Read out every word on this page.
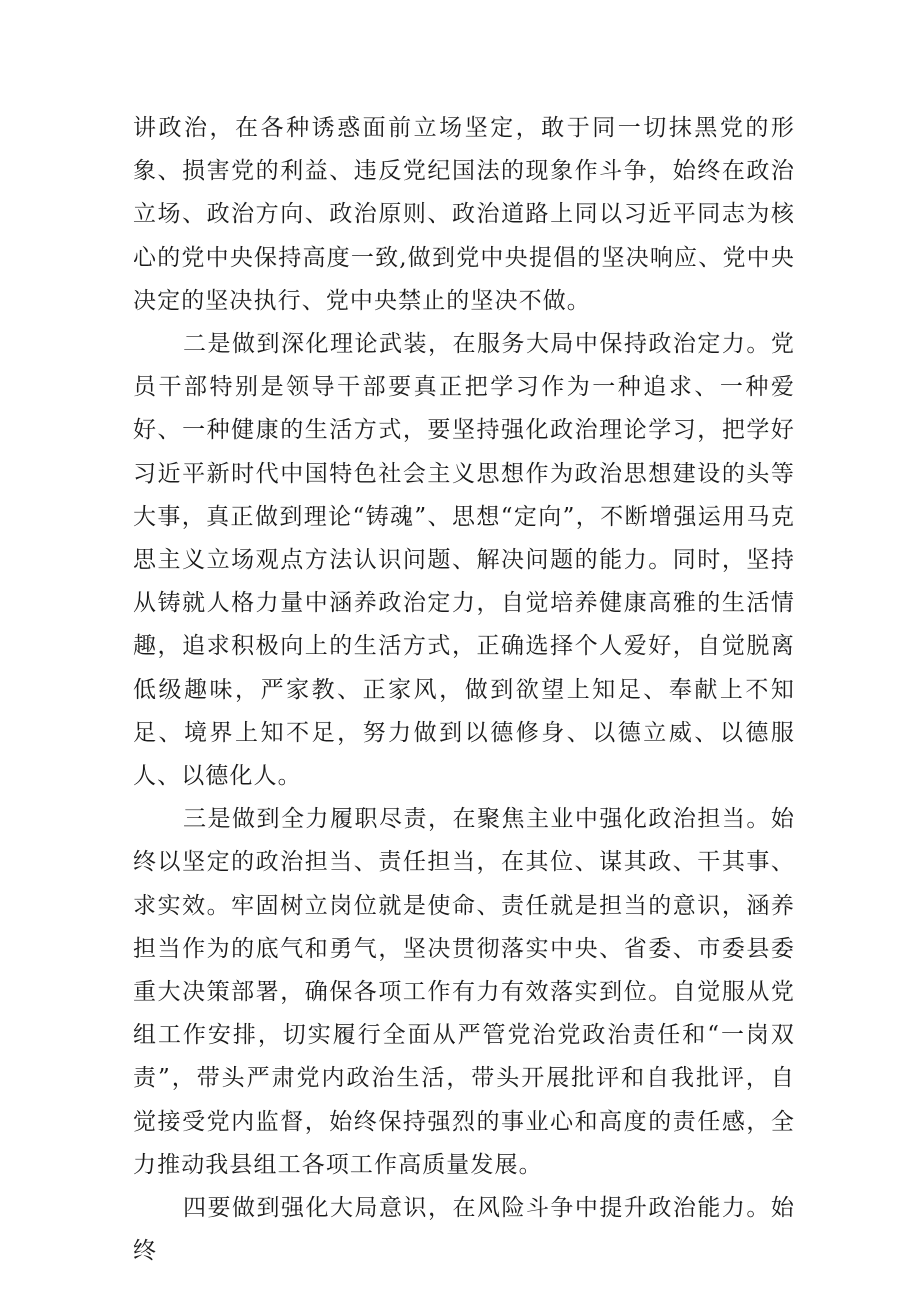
讲政治，在各种诱惑面前立场坚定，敢于同一切抹黑党的形象、损害党的利益、违反党纪国法的现象作斗争，始终在政治立场、政治方向、政治原则、政治道路上同以习近平同志为核心的党中央保持高度一致,做到党中央提倡的坚决响应、党中央决定的坚决执行、党中央禁止的坚决不做。

二是做到深化理论武装，在服务大局中保持政治定力。党员干部特别是领导干部要真正把学习作为一种追求、一种爱好、一种健康的生活方式，要坚持强化政治理论学习，把学好习近平新时代中国特色社会主义思想作为政治思想建设的头等大事，真正做到理论“铸魂”、思想“定向”，不断增强运用马克思主义立场观点方法认识问题、解决问题的能力。同时，坚持从铸就人格力量中涵养政治定力，自觉培养健康高雅的生活情趣，追求积极向上的生活方式，正确选择个人爱好，自觉脱离低级趣味，严家教、正家风，做到欲望上知足、奉献上不知足、境界上知不足，努力做到以德修身、以德立威、以德服人、以德化人。

三是做到全力履职尽责，在聚焦主业中强化政治担当。始终以坚定的政治担当、责任担当，在其位、谋其政、干其事、求实效。牢固树立岗位就是使命、责任就是担当的意识，涵养担当作为的底气和勇气，坚决贯彻落实中央、省委、市委县委重大决策部署，确保各项工作有力有效落实到位。自觉服从党组工作安排，切实履行全面从严管党治党政治责任和“一岗双责”，带头严肃党内政治生活，带头开展批评和自我批评，自觉接受党内监督，始终保持强烈的事业心和高度的责任感，全力推动我县组工各项工作高质量发展。

四要做到强化大局意识，在风险斗争中提升政治能力。始终
